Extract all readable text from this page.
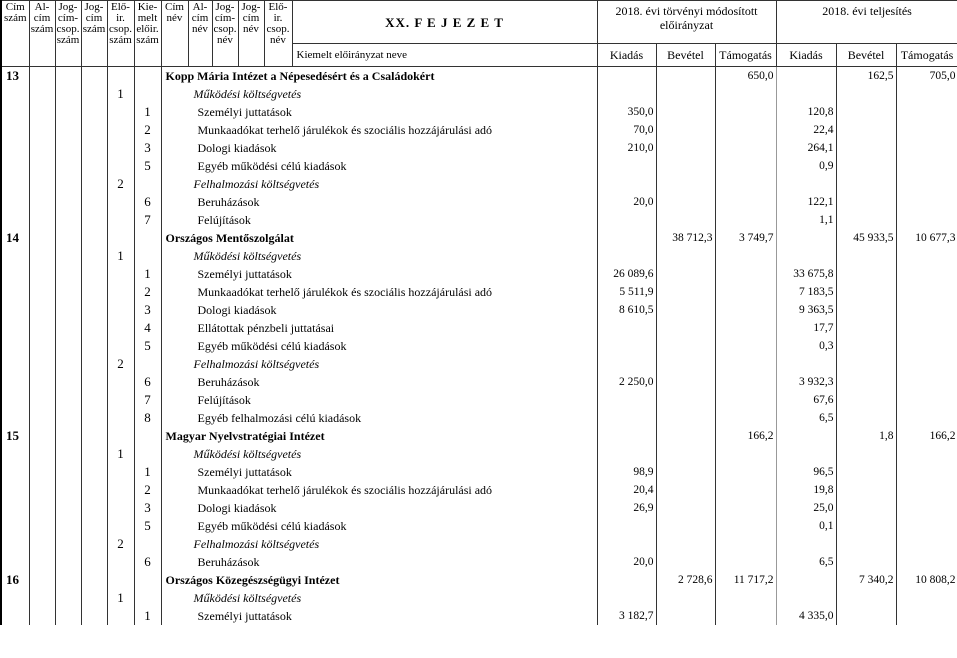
Cím szám	Al-cím szám	Jog-cím-csop. szám	Jog-cím szám	Elő-ir. csop. szám	Kie-melt előir. szám	Cím név	Al-cím név	Jog-cím-csop. név	Jog-cím név	Elő-ir. csop. név	XX. F E J E Z E T	2018. évi törvényi módosított előirányzat			2018. évi teljesítés		
											Kiemelt előirányzat neve	Kiadás	Bevétel	Támogatás	Kiadás	Bevétel	Támogatás
13						Kopp Mária Intézet a Népesedésért és a Családokért								650,0		162,5	705,0
				1		Működési költségvetés											
					1	Személyi juttatások						350,0			120,8		
					2	Munkaadókat terhelő járulékok és szociális hozzájárulási adó						70,0			22,4		
					3	Dologi kiadások						210,0			264,1		
					5	Egyéb működési célú kiadások									0,9		
				2		Felhalmozási költségvetés											
					6	Beruházások						20,0			122,1		
					7	Felújítások									1,1		
14						Országos Mentőszolgálat							38 712,3	3 749,7		45 933,5	10 677,3
				1		Működési költségvetés											
					1	Személyi juttatások						26 089,6			33 675,8		
					2	Munkaadókat terhelő járulékok és szociális hozzájárulási adó						5 511,9			7 183,5		
					3	Dologi kiadások						8 610,5			9 363,5		
					4	Ellátottak pénzbeli juttatásai									17,7		
					5	Egyéb működési célú kiadások									0,3		
				2		Felhalmozási költségvetés											
					6	Beruházások						2 250,0			3 932,3		
					7	Felújítások									67,6		
					8	Egyéb felhalmozási célú kiadások									6,5		
15						Magyar Nyelvstratégiai Intézet								166,2		1,8	166,2
				1		Működési költségvetés											
					1	Személyi juttatások						98,9			96,5		
					2	Munkaadókat terhelő járulékok és szociális hozzájárulási adó						20,4			19,8		
					3	Dologi kiadások						26,9			25,0		
					5	Egyéb működési célú kiadások									0,1		
				2		Felhalmozási költségvetés											
					6	Beruházások						20,0			6,5		
16						Országos Közegészségügyi Intézet							2 728,6	11 717,2		7 340,2	10 808,2
				1		Működési költségvetés											
					1	Személyi juttatások						3 182,7			4 335,0		
